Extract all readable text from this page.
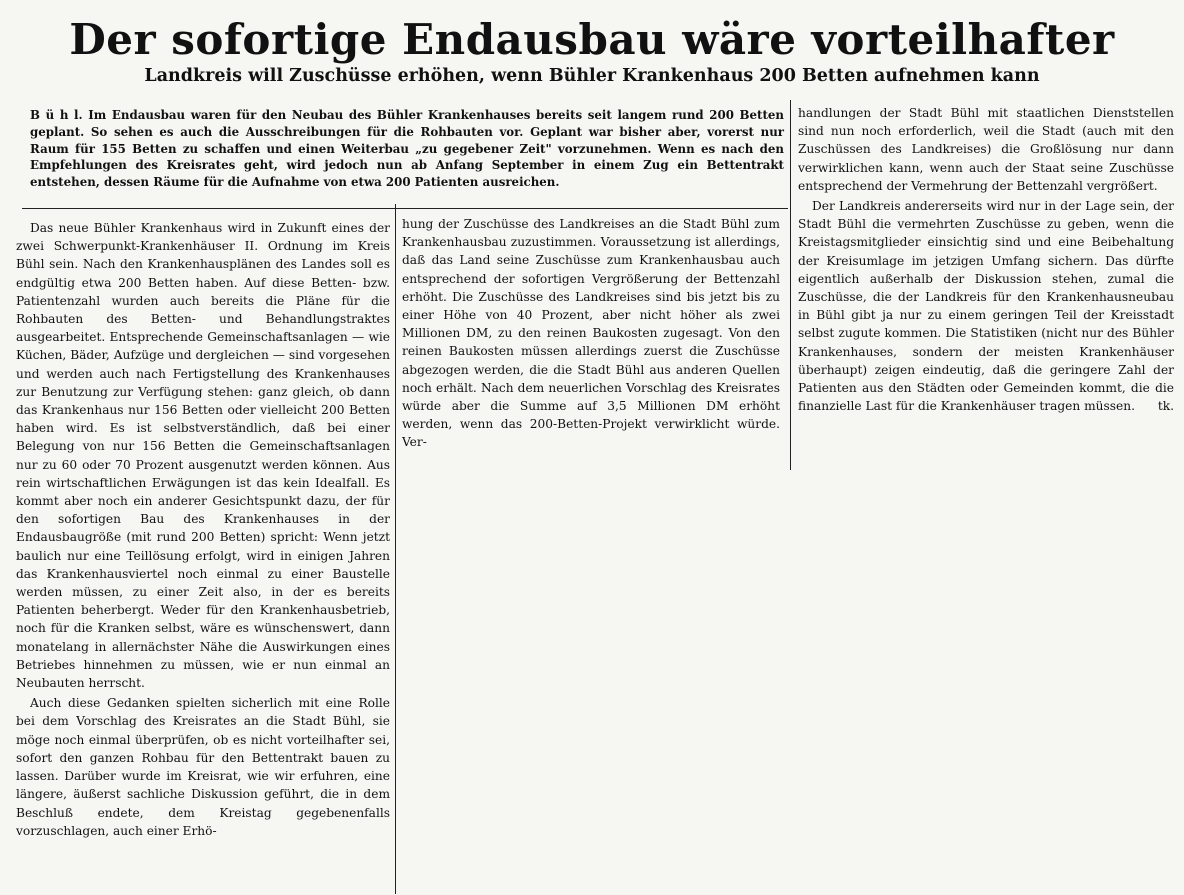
Der sofortige Endausbau wäre vorteilhafter
Landkreis will Zuschüsse erhöhen, wenn Bühler Krankenhaus 200 Betten aufnehmen kann
B ü h l. Im Endausbau waren für den Neubau des Bühler Krankenhauses bereits seit langem rund 200 Betten geplant. So sehen es auch die Ausschreibungen für die Rohbauten vor. Geplant war bisher aber, vorerst nur Raum für 155 Betten zu schaffen und einen Weiterbau „zu gegebener Zeit" vorzunehmen. Wenn es nach den Empfehlungen des Kreisrates geht, wird jedoch nun ab Anfang September in einem Zug ein Bettentrakt entstehen, dessen Räume für die Aufnahme von etwa 200 Patienten ausreichen.

Das neue Bühler Krankenhaus wird in Zukunft eines der zwei Schwerpunkt-Krankenhäuser II. Ordnung im Kreis Bühl sein. Nach den Krankenhausplänen des Landes soll es endgültig etwa 200 Betten haben. Auf diese Betten- bzw. Patientenzahl wurden auch bereits die Pläne für die Rohbauten des Betten- und Behandlungstraktes ausgearbeitet. Entsprechende Gemeinschaftsanlagen — wie Küchen, Bäder, Aufzüge und dergleichen — sind vorgesehen und werden auch nach Fertigstellung des Krankenhauses zur Benutzung zur Verfügung stehen: ganz gleich, ob dann das Krankenhaus nur 156 Betten oder vielleicht 200 Betten haben wird. Es ist selbstverständlich, daß bei einer Belegung von nur 156 Betten die Gemeinschaftsanlagen nur zu 60 oder 70 Prozent ausgenutzt werden können. Aus rein wirtschaftlichen Erwägungen ist das kein Idealfall. Es kommt aber noch ein anderer Gesichtspunkt dazu, der für den sofortigen Bau des Krankenhauses in der Endausbaugröße (mit rund 200 Betten) spricht: Wenn jetzt baulich nur eine Teillösung erfolgt, wird in einigen Jahren das Krankenhausviertel noch einmal zu einer Baustelle werden müssen, zu einer Zeit also, in der es bereits Patienten beherbergt. Weder für den Krankenhausbetrieb, noch für die Kranken selbst, wäre es wünschenswert, dann monatelang in allernächster Nähe die Auswirkungen eines Betriebes hinnehmen zu müssen, wie er nun einmal an Neubauten herrscht.

Auch diese Gedanken spielten sicherlich mit eine Rolle bei dem Vorschlag des Kreisrates an die Stadt Bühl, sie möge noch einmal überprüfen, ob es nicht vorteilhafter sei, sofort den ganzen Rohbau für den Bettentrakt bauen zu lassen. Darüber wurde im Kreisrat, wie wir erfuhren, eine längere, äußerst sachliche Diskussion geführt, die in dem Beschluß endete, dem Kreistag gegebenenfalls vorzuschlagen, auch einer Erhö-

hung der Zuschüsse des Landkreises an die Stadt Bühl zum Krankenhausbau zuzustimmen. Voraussetzung ist allerdings, daß das Land seine Zuschüsse zum Krankenhausbau auch entsprechend der sofortigen Vergrößerung der Bettenzahl erhöht. Die Zuschüsse des Landkreises sind bis jetzt bis zu einer Höhe von 40 Prozent, aber nicht höher als zwei Millionen DM, zu den reinen Baukosten zugesagt. Von den reinen Baukosten müssen allerdings zuerst die Zuschüsse abgezogen werden, die die Stadt Bühl aus anderen Quellen noch erhält. Nach dem neuerlichen Vorschlag des Kreisrates würde aber die Summe auf 3,5 Millionen DM erhöht werden, wenn das 200-Betten-Projekt verwirklicht würde. Ver-

handlungen der Stadt Bühl mit staatlichen Dienststellen sind nun noch erforderlich, weil die Stadt (auch mit den Zuschüssen des Landkreises) die Großlösung nur dann verwirklichen kann, wenn auch der Staat seine Zuschüsse entsprechend der Vermehrung der Bettenzahl vergrößert.

Der Landkreis andererseits wird nur in der Lage sein, der Stadt Bühl die vermehrten Zuschüsse zu geben, wenn die Kreistagsmitglieder einsichtig sind und eine Beibehaltung der Kreisumlage im jetzigen Umfang sichern. Das dürfte eigentlich außerhalb der Diskussion stehen, zumal die Zuschüsse, die der Landkreis für den Krankenhausneubau in Bühl gibt ja nur zu einem geringen Teil der Kreisstadt selbst zugute kommen. Die Statistiken (nicht nur des Bühler Krankenhauses, sondern der meisten Krankenhäuser überhaupt) zeigen eindeutig, daß die geringere Zahl der Patienten aus den Städten oder Gemeinden kommt, die die finanzielle Last für die Krankenhäuser tragen müssen.	tk.
